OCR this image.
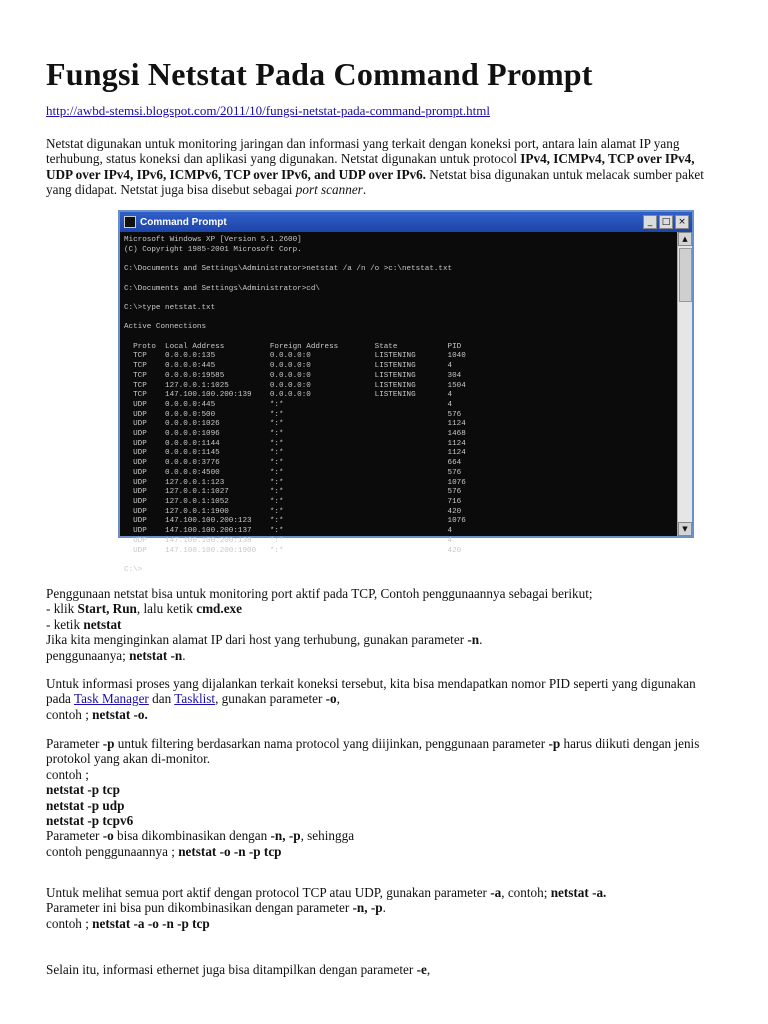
Fungsi Netstat Pada Command Prompt
http://awbd-stemsi.blogspot.com/2011/10/fungsi-netstat-pada-command-prompt.html
Netstat digunakan untuk monitoring jaringan dan informasi yang terkait dengan koneksi port, antara lain alamat IP yang terhubung, status koneksi dan aplikasi yang digunakan. Netstat digunakan untuk protocol IPv4, ICMPv4, TCP over IPv4, UDP over IPv4, IPv6, ICMPv6, TCP over IPv6, and UDP over IPv6. Netstat bisa digunakan untuk melacak sumber paket yang didapat. Netstat juga bisa disebut sebagai port scanner.
Command Prompt	_	□ ×
Microsoft Windows XP [Version 5.1.2600]
(C) Copyright 1985-2001 Microsoft Corp.

C:\Documents and Settings\Administrator>netstat /a /n /o >c:\netstat.txt

C:\Documents and Settings\Administrator>cd\

C:\>type netstat.txt

Active Connections

Proto  Local Address          Foreign Address        State           PID
TCP    0.0.0.0:135            0.0.0.0:0              LISTENING       1040
TCP    0.0.0.0:445            0.0.0.0:0              LISTENING       4
TCP    0.0.0.0:19585          0.0.0.0:0              LISTENING       304
TCP    127.0.0.1:1025         0.0.0.0:0              LISTENING       1504
TCP    147.100.100.200:139    0.0.0.0:0              LISTENING       4
UDP    0.0.0.0:445            *:*                                    4
UDP    0.0.0.0:500            *:*                                    576
UDP    0.0.0.0:1026           *:*                                    1124
UDP    0.0.0.0:1096           *:*                                    1468
UDP    0.0.0.0:1144           *:*                                    1124
UDP    0.0.0.0:1145           *:*                                    1124
UDP    0.0.0.0:3776           *:*                                    664
UDP    0.0.0.0:4500           *:*                                    576
UDP    127.0.0.1:123          *:*                                    1076
UDP    127.0.0.1:1027         *:*                                    576
UDP    127.0.0.1:1052         *:*                                    716
UDP    127.0.0.1:1900         *:*                                    420
UDP    147.100.100.200:123    *:*                                    1076
UDP    147.100.100.200:137    *:*                                    4
UDP    147.100.100.200:138    *:*                                    4
UDP    147.100.100.200:1900   *:*                                    420

C:\>
▲
▼
Penggunaan netstat bisa untuk monitoring port aktif pada TCP, Contoh penggunaannya sebagai berikut;
- klik Start, Run, lalu ketik cmd.exe
- ketik netstat
Jika kita menginginkan alamat IP dari host yang terhubung, gunakan parameter -n.
penggunaanya; netstat -n.
Untuk informasi proses yang dijalankan terkait koneksi tersebut, kita bisa mendapatkan nomor PID seperti yang digunakan pada Task Manager dan Tasklist, gunakan parameter -o,
contoh ; netstat -o.
Parameter -p untuk filtering berdasarkan nama protocol yang diijinkan, penggunaan parameter -p harus diikuti dengan jenis protokol yang akan di-monitor.
contoh ;
netstat -p tcp
netstat -p udp
netstat -p tcpv6
Parameter -o bisa dikombinasikan dengan -n, -p, sehingga
contoh penggunaannya ; netstat -o -n -p tcp
Untuk melihat semua port aktif dengan protocol TCP atau UDP, gunakan parameter -a, contoh; netstat -a.
Parameter ini bisa pun dikombinasikan dengan parameter -n, -p.
contoh ; netstat -a -o -n -p tcp
Selain itu, informasi ethernet juga bisa ditampilkan dengan parameter -e,
